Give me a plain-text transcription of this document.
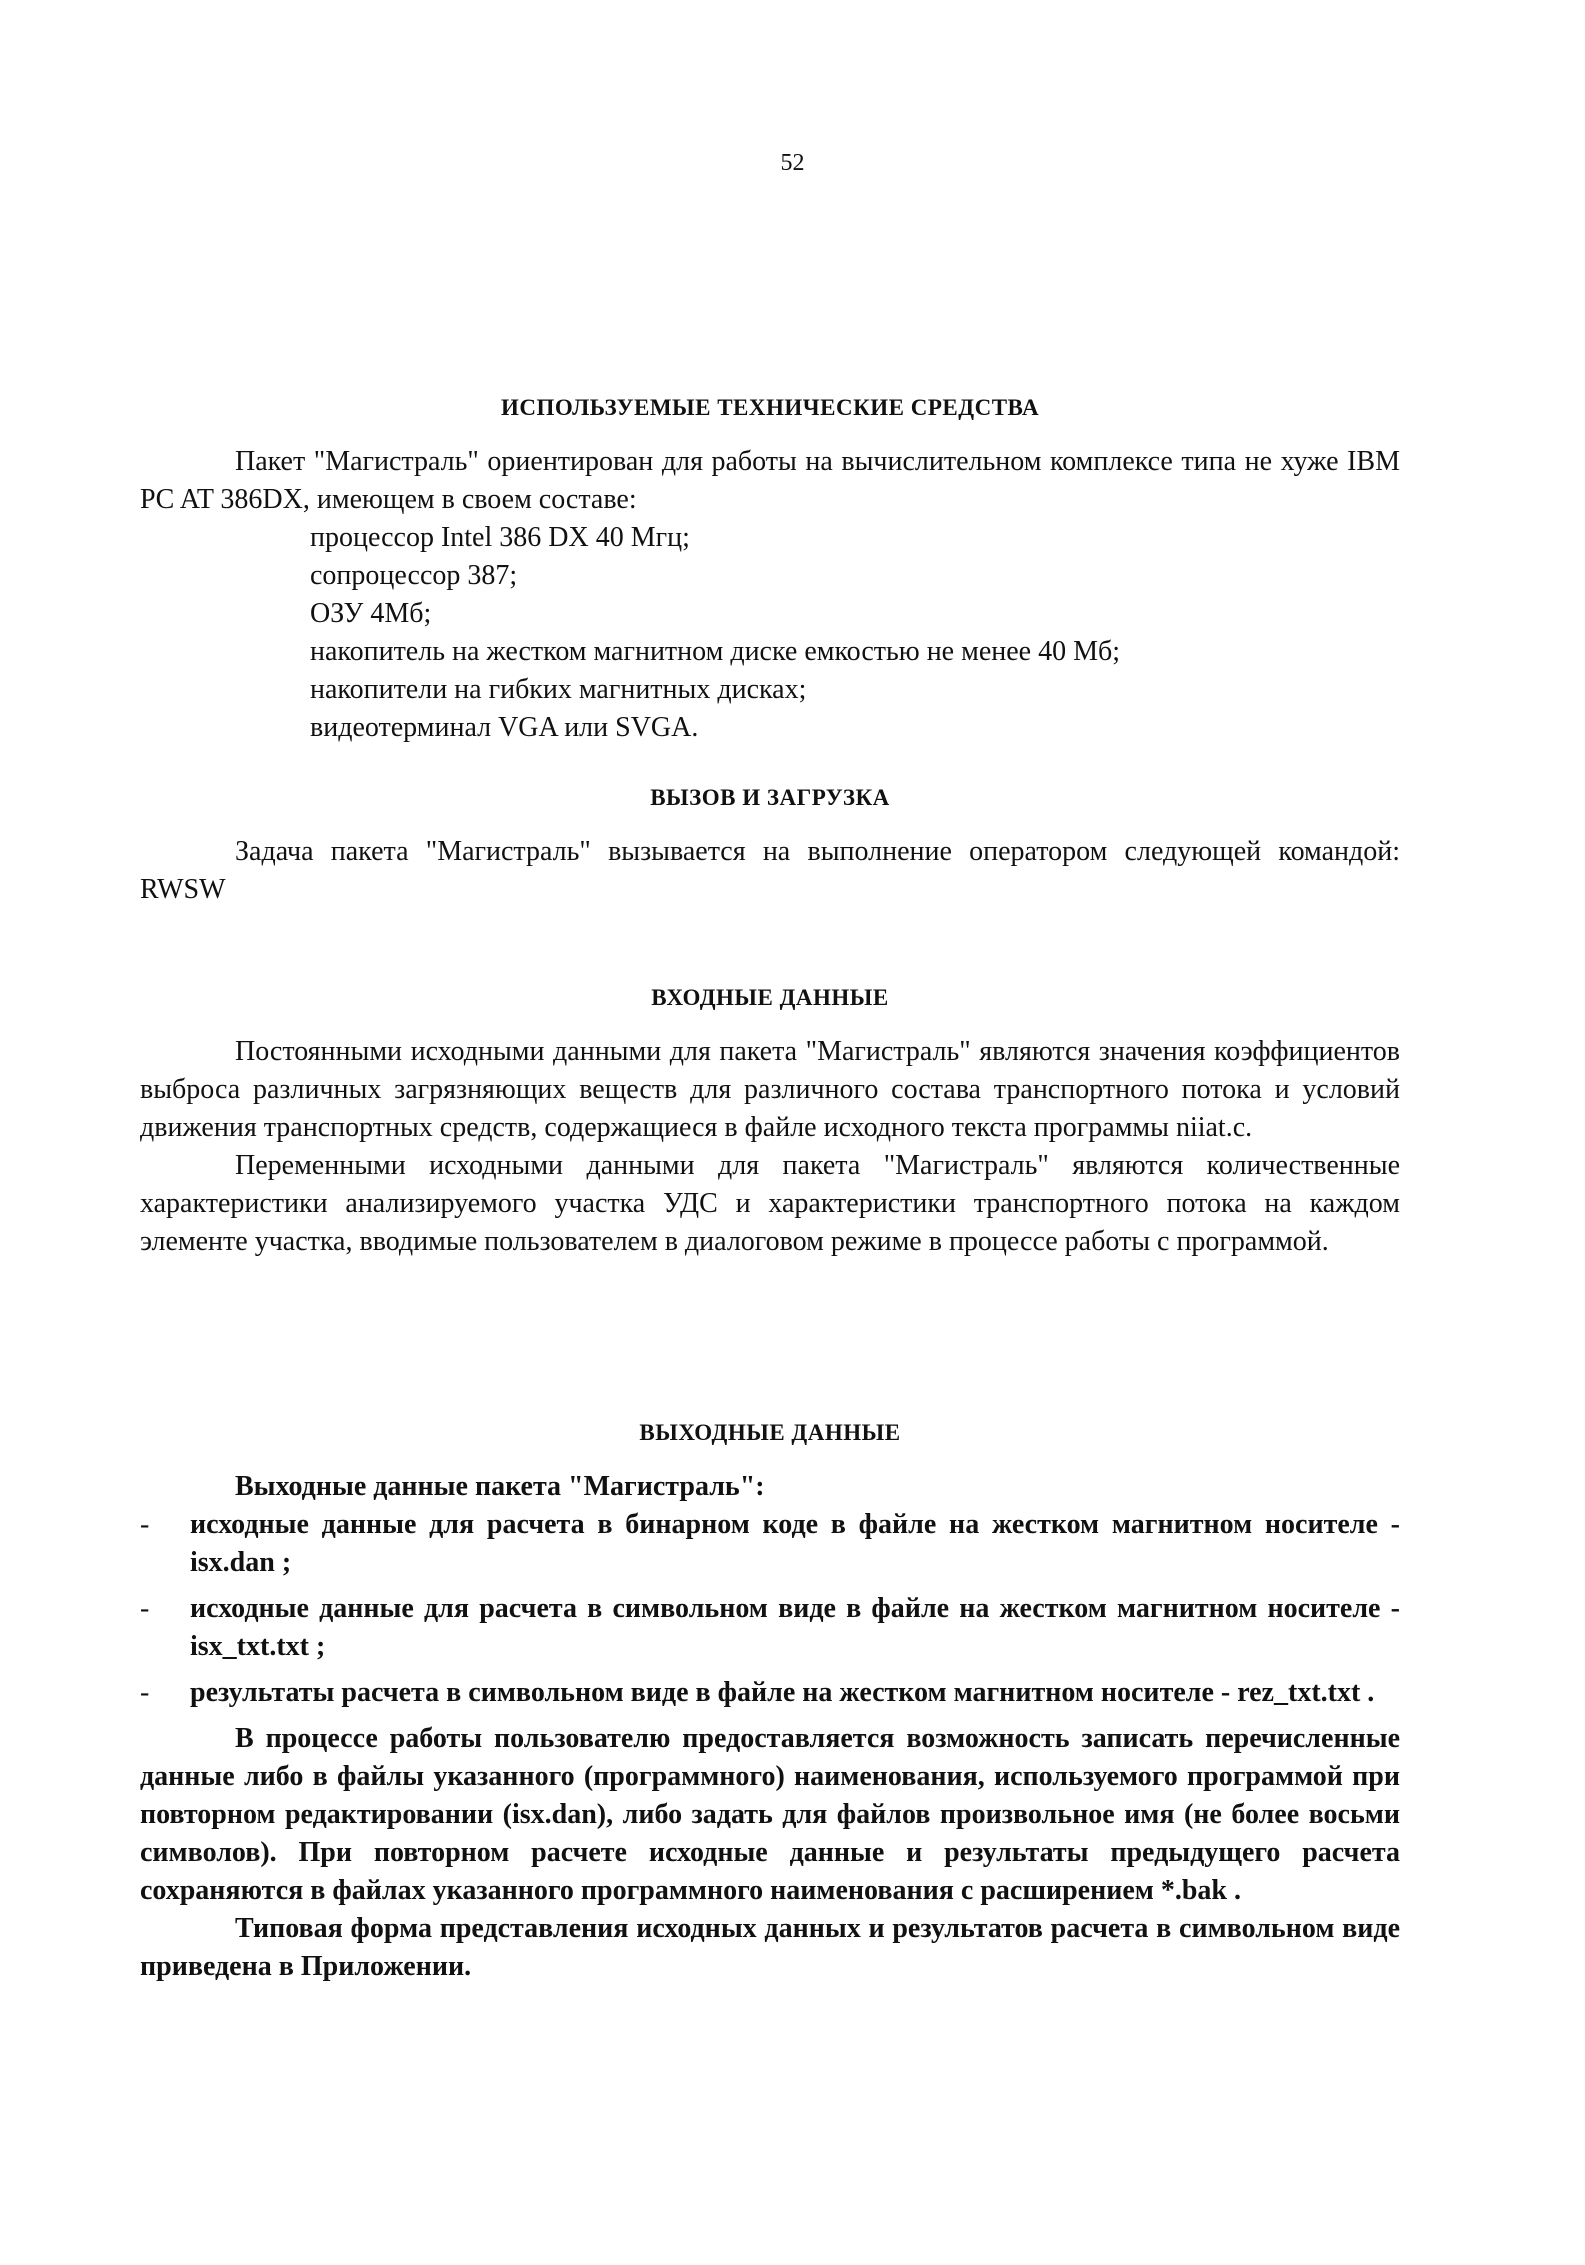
52
ИСПОЛЬЗУЕМЫЕ ТЕХНИЧЕСКИЕ СРЕДСТВА

Пакет "Магистраль" ориентирован для работы на вычислительном комплексе типа не хуже IBM PC AT 386DX, имеющем в своем составе:

процессор Intel 386 DX 40 Мгц;
сопроцессор 387;
ОЗУ 4Мб;
накопитель на жестком магнитном диске емкостью не менее 40 Мб;
накопители на гибких магнитных дисках;
видеотерминал VGA или SVGA.
ВЫЗОВ И ЗАГРУЗКА

Задача пакета "Магистраль" вызывается на выполнение оператором следующей командой: RWSW

ВХОДНЫЕ ДАННЫЕ

Постоянными исходными данными для пакета "Магистраль" являются значения коэффициентов выброса различных загрязняющих веществ для различного состава транспортного потока и условий движения транспортных средств, содержащиеся в файле исходного текста программы niiat.c.

Переменными исходными данными для пакета "Магистраль" являются количественные характеристики анализируемого участка УДС и характеристики транспортного потока на каждом элементе участка, вводимые пользователем в диалоговом режиме в процессе работы с программой.

ВЫХОДНЫЕ ДАННЫЕ

Выходные данные пакета "Магистраль":

- исходные данные для расчета в бинарном коде в файле на жестком магнитном носителе - isx.dan ;
- исходные данные для расчета в символьном виде в файле на жестком магнитном носителе - isx_txt.txt ;
- результаты расчета в символьном виде в файле на жестком магнитном носителе - rez_txt.txt .

В процессе работы пользователю предоставляется возможность записать перечисленные данные либо в файлы указанного (программного) наименования, используемого программой при повторном редактировании (isx.dan), либо задать для файлов произвольное имя (не более восьми символов). При повторном расчете исходные данные и результаты предыдущего расчета сохраняются в файлах указанного программного наименования с расширением *.bak .

Типовая форма представления исходных данных и результатов расчета в символьном виде приведена в Приложении.
